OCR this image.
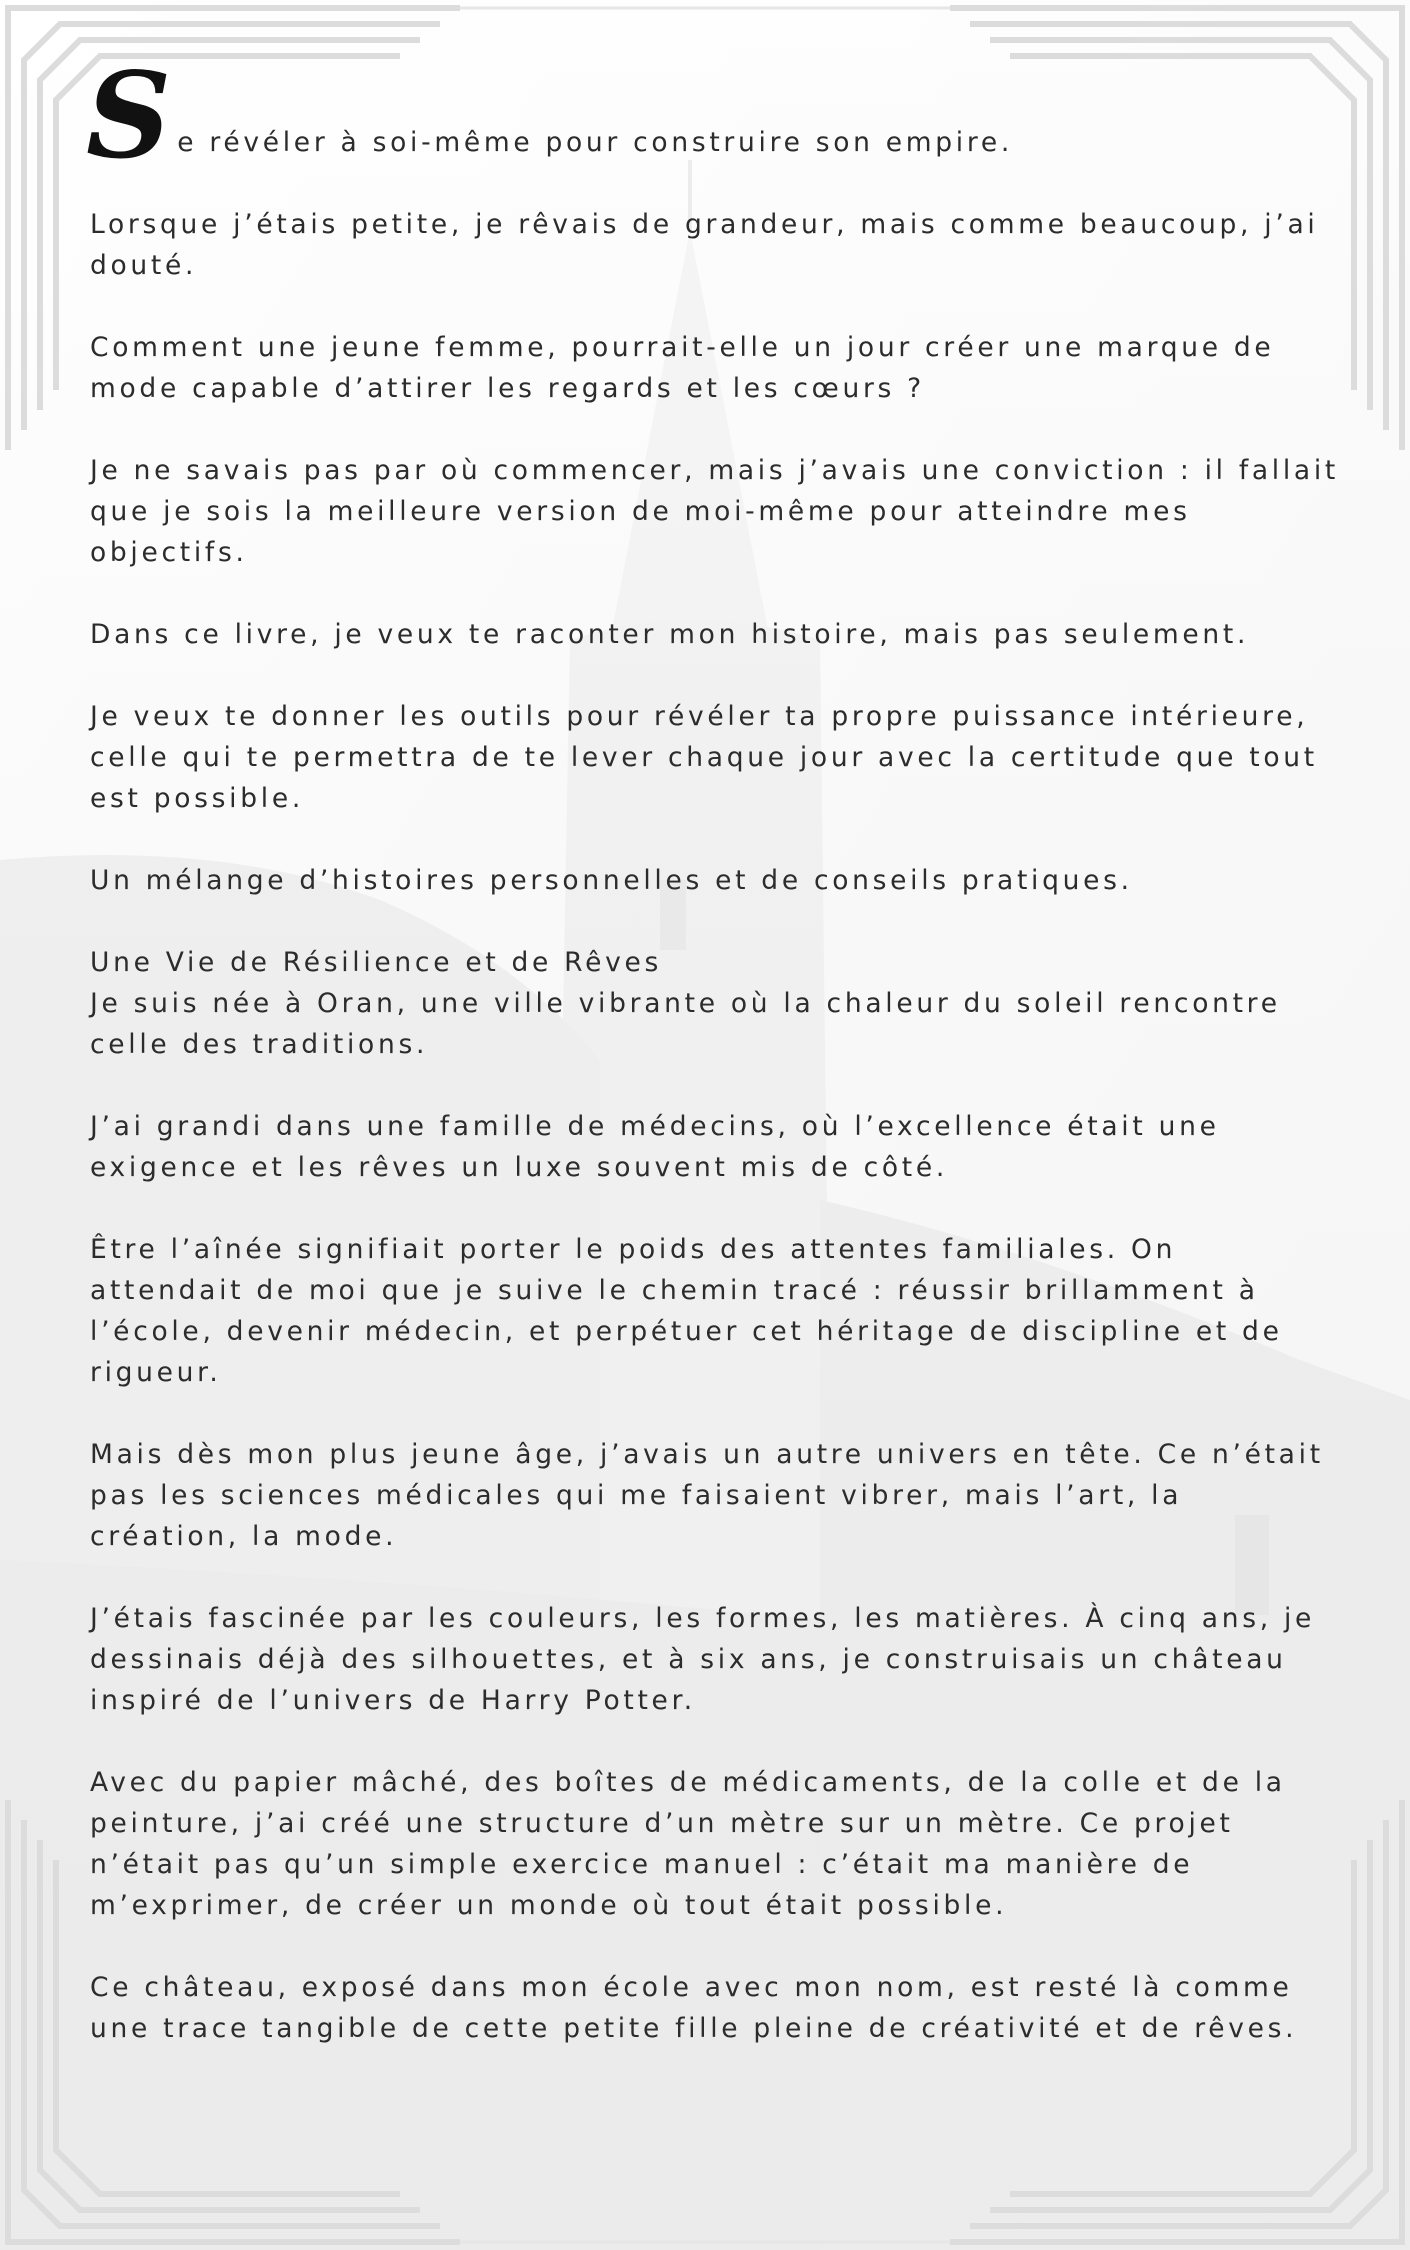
S e révéler à soi-même pour construire son empire.

Lorsque j’étais petite, je rêvais de grandeur, mais comme beaucoup, j’ai douté.

Comment une jeune femme, pourrait-elle un jour créer une marque de mode capable d’attirer les regards et les cœurs ?

Je ne savais pas par où commencer, mais j’avais une conviction : il fallait que je sois la meilleure version de moi-même pour atteindre mes objectifs.

Dans ce livre, je veux te raconter mon histoire, mais pas seulement.

Je veux te donner les outils pour révéler ta propre puissance intérieure, celle qui te permettra de te lever chaque jour avec la certitude que tout est possible.

Un mélange d’histoires personnelles et de conseils pratiques.

Une Vie de Résilience et de Rêves
Je suis née à Oran, une ville vibrante où la chaleur du soleil rencontre celle des traditions.

J’ai grandi dans une famille de médecins, où l’excellence était une exigence et les rêves un luxe souvent mis de côté.

Être l’aînée signifiait porter le poids des attentes familiales. On attendait de moi que je suive le chemin tracé : réussir brillamment à l’école, devenir médecin, et perpétuer cet héritage de discipline et de rigueur.

Mais dès mon plus jeune âge, j’avais un autre univers en tête. Ce n’était pas les sciences médicales qui me faisaient vibrer, mais l’art, la création, la mode.

J’étais fascinée par les couleurs, les formes, les matières. À cinq ans, je dessinais déjà des silhouettes, et à six ans, je construisais un château inspiré de l’univers de Harry Potter.

Avec du papier mâché, des boîtes de médicaments, de la colle et de la peinture, j’ai créé une structure d’un mètre sur un mètre. Ce projet n’était pas qu’un simple exercice manuel : c’était ma manière de m’exprimer, de créer un monde où tout était possible.

Ce château, exposé dans mon école avec mon nom, est resté là comme une trace tangible de cette petite fille pleine de créativité et de rêves.
